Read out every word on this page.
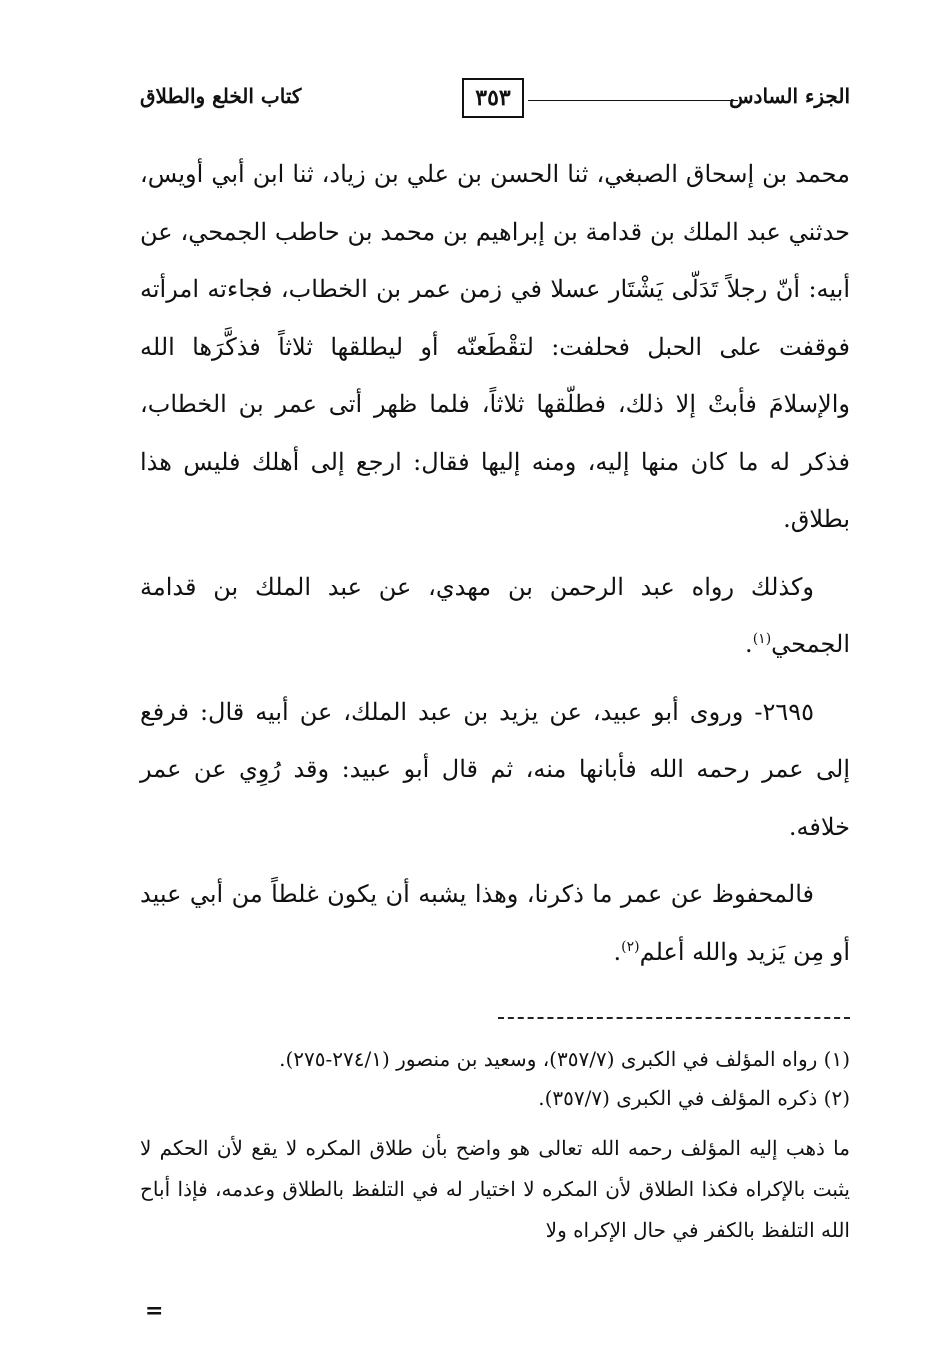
الجزء السادس
٣٥٣
كتاب الخلع والطلاق

محمد بن إسحاق الصبغي، ثنا الحسن بن علي بن زياد، ثنا ابن أبي أويس، حدثني عبد الملك بن قدامة بن إبراهيم بن محمد بن حاطب الجمحي، عن أبيه: أنّ رجلاً تَدَلّى يَشْتَار عسلا في زمن عمر بن الخطاب، فجاءته امرأته فوقفت على الحبل فحلفت: لتقْطَعنّه أو ليطلقها ثلاثاً فذكَّرَها الله والإسلامَ فأبتْ إلا ذلك، فطلّقها ثلاثاً، فلما ظهر أتى عمر بن الخطاب، فذكر له ما كان منها إليه، ومنه إليها فقال: ارجع إلى أهلك فليس هذا بطلاق.

وكذلك رواه عبد الرحمن بن مهدي، عن عبد الملك بن قدامة الجمحي$^{(١)}$.

٢٦٩٥- وروى أبو عبيد، عن يزيد بن عبد الملك، عن أبيه قال: فرفع إلى عمر رحمه الله فأبانها منه، ثم قال أبو عبيد: وقد رُوِي عن عمر خلافه.

فالمحفوظ عن عمر ما ذكرنا، وهذا يشبه أن يكون غلطاً من أبي عبيد أو مِن يَزيد والله أعلم$^{(٢)}$.

(١) رواه المؤلف في الكبرى (٣٥٧/٧)، وسعيد بن منصور (٢٧٤/١-٢٧٥).

(٢) ذكره المؤلف في الكبرى (٣٥٧/٧).

ما ذهب إليه المؤلف رحمه الله تعالى هو واضح بأن طلاق المكره لا يقع لأن الحكم لا يثبت بالإكراه فكذا الطلاق لأن المكره لا اختيار له في التلفظ بالطلاق وعدمه، فإذا أباح الله التلفظ بالكفر في حال الإكراه ولا

=
